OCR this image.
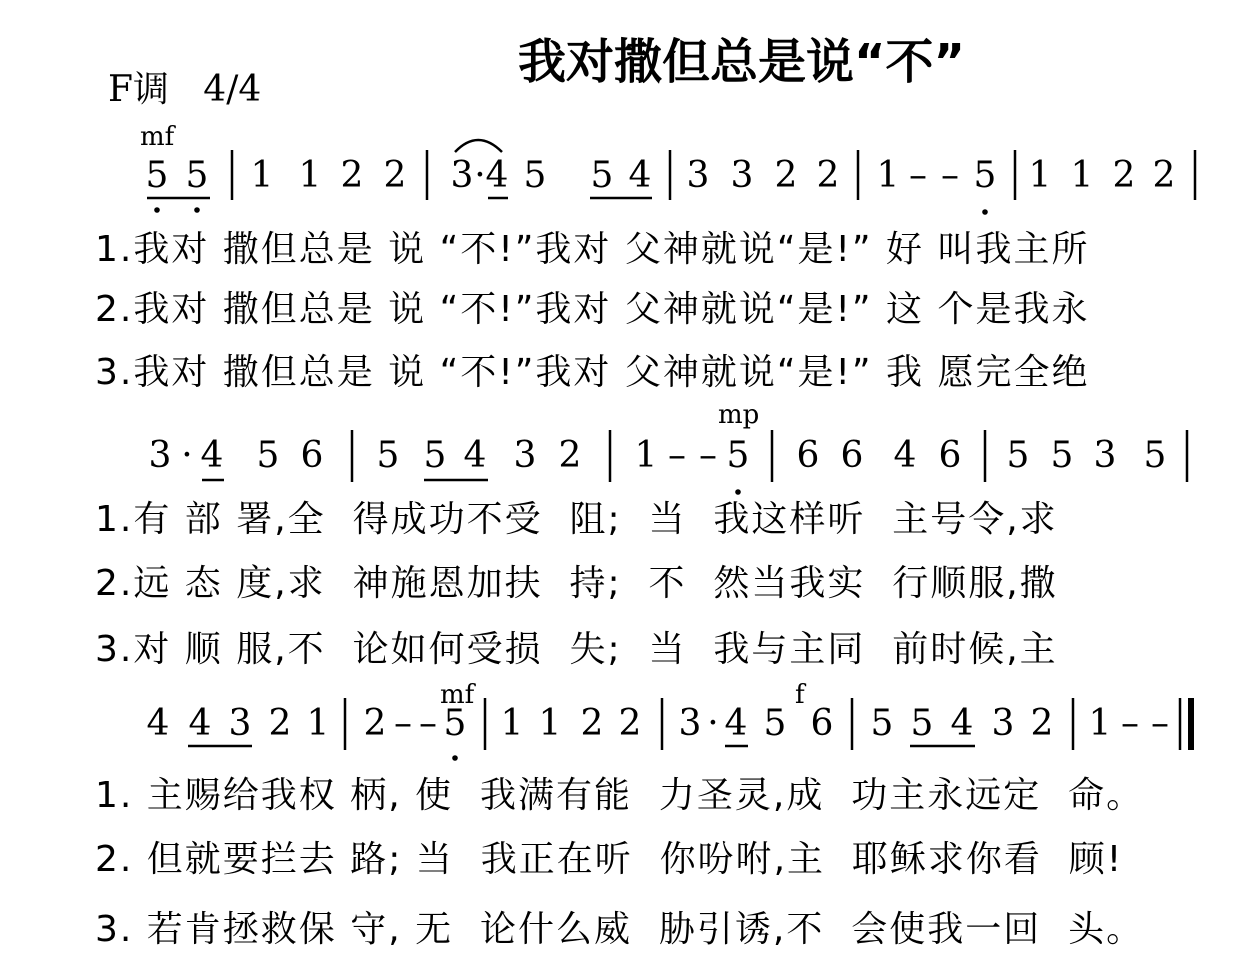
我对撒但总是说“不”
F调   4/4
mf
mp
mf	f
5 5 1 1 2 2 3 · 4 5 5 4 3 3 2 2 1 – – 5 1 1 2 2
3 · 4 5 6 5 5 4 3 2 1 – – 5 6 6 4 6 5 5 3 5
4 4 3 2 1 2 – – 5 1 1 2 2 3 · 4 5 6 5 5 4 3 2 1 – –
1.我对 撒但总是 说 “不!”我对 父神就说“是!” 好 叫我主所
2.我对 撒但总是 说 “不!”我对 父神就说“是!” 这 个是我永
3.我对 撒但总是 说 “不!”我对 父神就说“是!” 我 愿完全绝
1.有 部 署,全  得成功不受  阻;  当  我这样听  主号令,求
2.远 态 度,求  神施恩加扶  持;  不  然当我实  行顺服,撒
3.对 顺 服,不  论如何受损  失;  当  我与主同  前时候,主
1. 主赐给我权 柄, 使  我满有能  力圣灵,成  功主永远定  命。
2. 但就要拦去 路; 当  我正在听  你吩咐,主  耶稣求你看  顾!
3. 若肯拯救保 守, 无  论什么威  胁引诱,不  会使我一回  头。
